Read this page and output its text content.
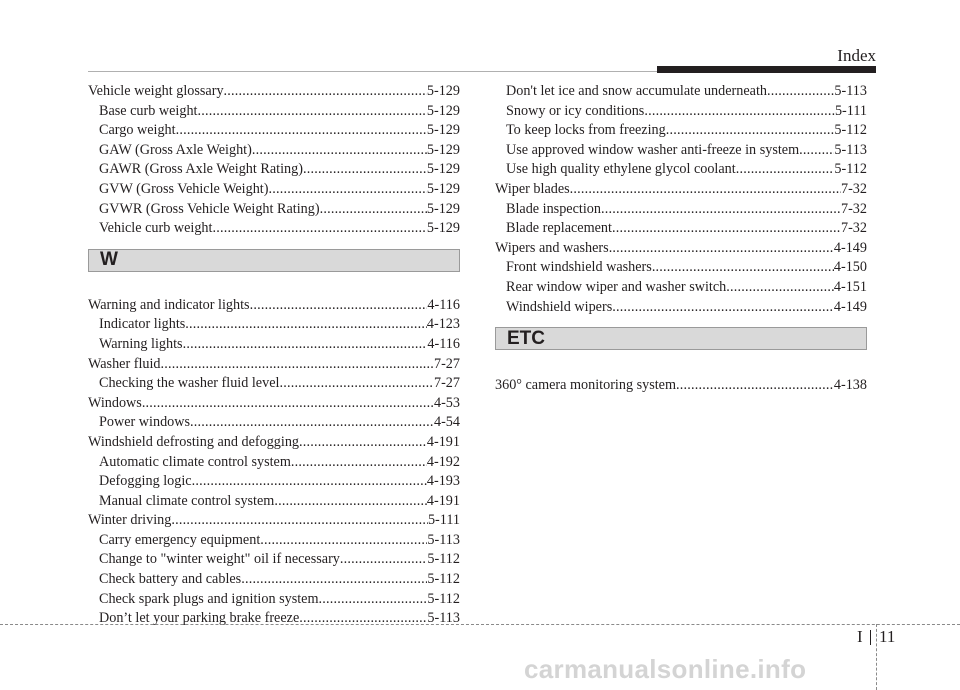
Index
Vehicle weight glossary .....	5-129
Base curb weight .....	5-129
Cargo weight .....	5-129
GAW (Gross Axle Weight) .....	5-129
GAWR (Gross Axle Weight Rating) .....	5-129
GVW (Gross Vehicle Weight) .....	5-129
GVWR (Gross Vehicle Weight Rating) .....	5-129
Vehicle curb weight .....	5-129
W
Warning and indicator lights .....	4-116
Indicator lights .....	4-123
Warning lights .....	4-116
Washer fluid .....	7-27
Checking the washer fluid level .....	7-27
Windows .....	4-53
Power windows .....	4-54
Windshield defrosting and defogging .....	4-191
Automatic climate control system .....	4-192
Defogging logic .....	4-193
Manual climate control system .....	4-191
Winter driving .....	5-111
Carry emergency equipment .....	5-113
Change to "winter weight" oil if necessary .....	5-112
Check battery and cables .....	5-112
Check spark plugs and ignition system .....	5-112
Don’t let your parking brake freeze .....	5-113
Don't let ice and snow accumulate underneath .....	5-113
Snowy or icy conditions .....	5-111
To keep locks from freezing .....	5-112
Use approved window washer anti-freeze in system ..... 5-113
Use high quality ethylene glycol coolant .....	5-112
Wiper blades .....	7-32
Blade inspection .....	7-32
Blade replacement .....	7-32
Wipers and washers .....	4-149
Front windshield washers .....	4-150
Rear window wiper and washer switch .....	4-151
Windshield wipers .....	4-149
ETC
360° camera monitoring system .....	4-138
I 11
carmanualsonline.info
